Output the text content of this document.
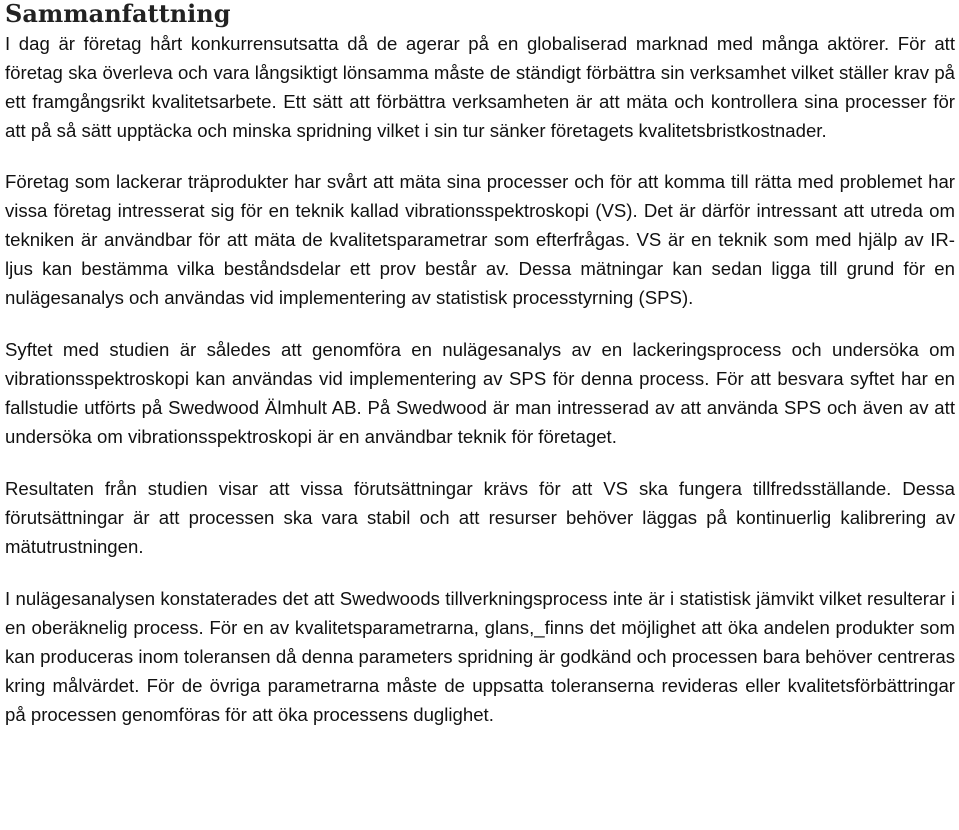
Sammanfattning

I dag är företag hårt konkurrensutsatta då de agerar på en globaliserad marknad med många aktörer. För att företag ska överleva och vara långsiktigt lönsamma måste de ständigt förbättra sin verksamhet vilket ställer krav på ett framgångsrikt kvalitetsarbete. Ett sätt att förbättra verksamheten är att mäta och kontrollera sina processer för att på så sätt upptäcka och minska spridning vilket i sin tur sänker företagets kvalitetsbristkostnader.

Företag som lackerar träprodukter har svårt att mäta sina processer och för att komma till rätta med problemet har vissa företag intresserat sig för en teknik kallad vibrationsspektroskopi (VS). Det är därför intressant att utreda om tekniken är användbar för att mäta de kvalitetsparametrar som efterfrågas. VS är en teknik som med hjälp av IR-ljus kan bestämma vilka beståndsdelar ett prov består av. Dessa mätningar kan sedan ligga till grund för en nulägesanalys och användas vid implementering av statistisk processtyrning (SPS).

Syftet med studien är således att genomföra en nulägesanalys av en lackeringsprocess och undersöka om vibrationsspektroskopi kan användas vid implementering av SPS för denna process. För att besvara syftet har en fallstudie utförts på Swedwood Älmhult AB. På Swedwood är man intresserad av att använda SPS och även av att undersöka om vibrationsspektroskopi är en användbar teknik för företaget.

Resultaten från studien visar att vissa förutsättningar krävs för att VS ska fungera tillfredsställande. Dessa förutsättningar är att processen ska vara stabil och att resurser behöver läggas på kontinuerlig kalibrering av mätutrustningen.

I nulägesanalysen konstaterades det att Swedwoods tillverkningsprocess inte är i statistisk jämvikt vilket resulterar i en oberäknelig process. För en av kvalitetsparametrarna, glans,_finns det möjlighet att öka andelen produkter som kan produceras inom toleransen då denna parameters spridning är godkänd och processen bara behöver centreras kring målvärdet. För de övriga parametrarna måste de uppsatta toleranserna revideras eller kvalitetsförbättringar på processen genomföras för att öka processens duglighet.
